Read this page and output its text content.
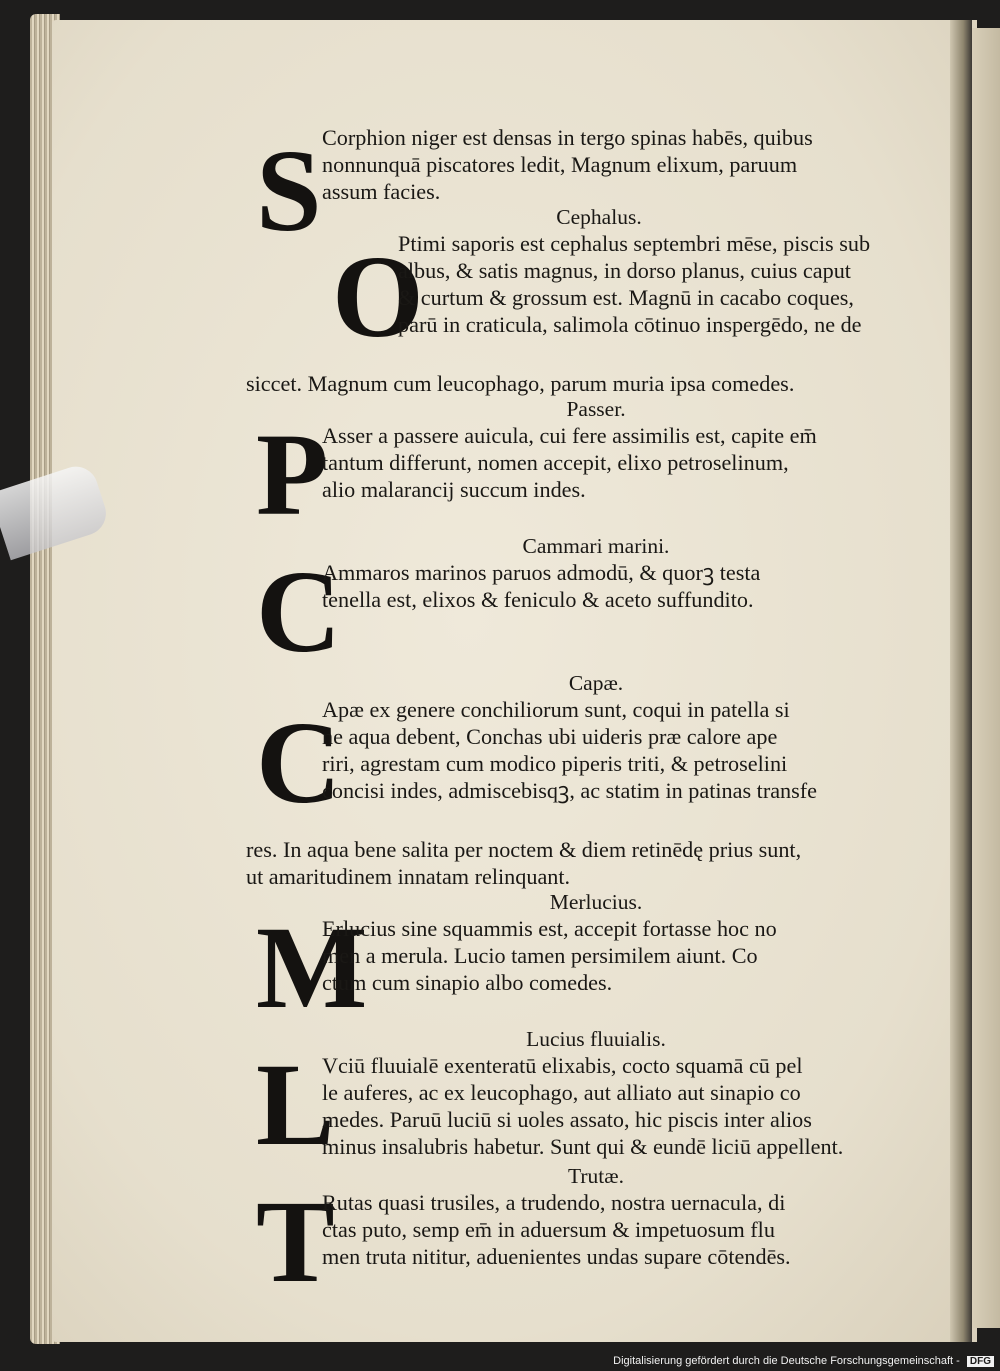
S Corphion niger est densas in tergo spinas habēs, quibus
nonnunquā piscatores ledit, Magnum elixum, paruum
assum facies.
Cephalus.
O
Ptimi saporis est cephalus septembri mēse, piscis sub
albus, & satis magnus, in dorso planus, cuius caput
& curtum & grossum est. Magnū in cacabo coques,
parū in craticula, salimola cōtinuo inspergēdo, ne de
siccet. Magnum cum leucophago, parum muria ipsa comedes.
Passer.
P
Asser a passere auicula, cui fere assimilis est, capite em̄
tantum differunt, nomen accepit, elixo petroselinum,
alio malarancij succum indes.
Cammari marini.
C
Ammaros marinos paruos admodū, & quorꝫ testa
tenella est, elixos & feniculo & aceto suffundito.
Capæ.
C
Apæ ex genere conchiliorum sunt, coqui in patella si
ne aqua debent, Conchas ubi uideris præ calore ape
riri, agrestam cum modico piperis triti, & petroselini
concisi indes, admiscebisqꝫ, ac statim in patinas transfe
res. In aqua bene salita per noctem & diem retinēdę prius sunt,
ut amaritudinem innatam relinquant.
Merlucius.
M
Erlucius sine squammis est, accepit fortasse hoc no
men a merula. Lucio tamen persimilem aiunt. Co
ctum cum sinapio albo comedes.
Lucius fluuialis.
L
Vciū fluuialē exenteratū elixabis, cocto squamā cū pel
le auferes, ac ex leucophago, aut alliato aut sinapio co
medes. Paruū luciū si uoles assato, hic piscis inter alios
minus insalubris habetur. Sunt qui & eundē liciū appellent.
Trutæ.
T
Rutas quasi trusiles, a trudendo, nostra uernacula, di
ctas puto, semp em̄ in aduersum & impetuosum flu
men truta nititur, aduenientes undas supare cōtendēs.
Digitalisierung gefördert durch die Deutsche Forschungsgemeinschaft - DFG
